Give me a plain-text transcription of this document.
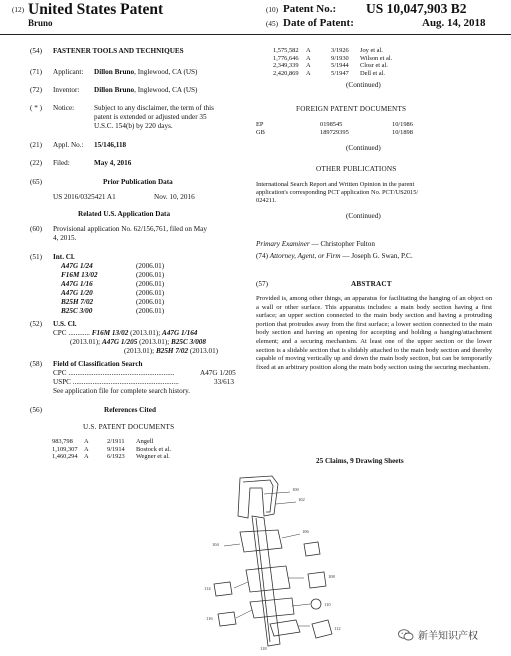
(12) United States Patent
Bruno
(10) Patent No.: US 10,047,903 B2
(45) Date of Patent:	Aug. 14, 2018
(54) FASTENER TOOLS AND TECHNIQUES
(71) Applicant: Dillon Bruno, Inglewood, CA (US)
(72) Inventor: Dillon Bruno, Inglewood, CA (US)
( * ) Notice:	Subject to any disclaimer, the term of this
patent is extended or adjusted under 35
U.S.C. 154(b) by 220 days.
(21) Appl. No.: 15/146,118
(22) Filed:	May 4, 2016
(65)	Prior Publication Data
US 2016/0325421 A1	Nov. 10, 2016
Related U.S. Application Data
(60) Provisional application No. 62/156,761, filed on May
4, 2015.
(51) Int. Cl.
A47G 1/24	(2006.01)
F16M 13/02	(2006.01)
A47G 1/16	(2006.01)
A47G 1/20	(2006.01)
B25H 7/02	(2006.01)
B25C 3/00	(2006.01)
(52) U.S. Cl.
CPC ............ F16M 13/02 (2013.01); A47G 1/164
(2013.01); A47G 1/205 (2013.01); B25C 3/008
(2013.01); B25H 7/02 (2013.01)
(58) Field of Classification Search
CPC ...........................................................	A47G 1/205
USPC ...........................................................	33/613
See application file for complete search history.
(56)	References Cited
U.S. PATENT DOCUMENTS
983,798 A	2/1911 Angell
1,109,307 A	9/1914 Bostock et al.
1,460,294 A	6/1923 Wegner et al.
1,575,582 A	3/1926 Joy et al.
1,776,646 A	9/1930 Wilson et al.
2,349,339 A	5/1944 Closr et al.
2,420,869 A	5/1947 Dell et al.
(Continued)
FOREIGN PATENT DOCUMENTS
EP	0198545	10/1986
GB	189729395	10/1898
(Continued)
OTHER PUBLICATIONS
International Search Report and Written Opinion in the parent
application's corresponding PCT application No. PCT/US2015/
024211.
(Continued)
Primary Examiner — Christopher Fulton
(74) Attorney, Agent, or Firm — Joseph G. Swan, P.C.
(57)	ABSTRACT
Provided is, among other things, an apparatus for facilitating the hanging of an object on a wall or other surface. This apparatus includes: a main body section having a first surface; an upper section connected to the main body section and having a protruding portion that protrudes away from the first surface; a lower section connected to the main body section and having an opening for accepting and holding a hanging/attachment element; and a securing mechanism. At least one of the upper section or the lower section is a slidable section that is slidably attached to the main body section and thereby capable of moving vertically up and down the main body section, but can be temporarily fixed at an arbitrary position along the main body section using the securing mechanism.
25 Claims, 9 Drawing Sheets
100
102
104
106
108
110
112
114
116
118
新羊知识产权
